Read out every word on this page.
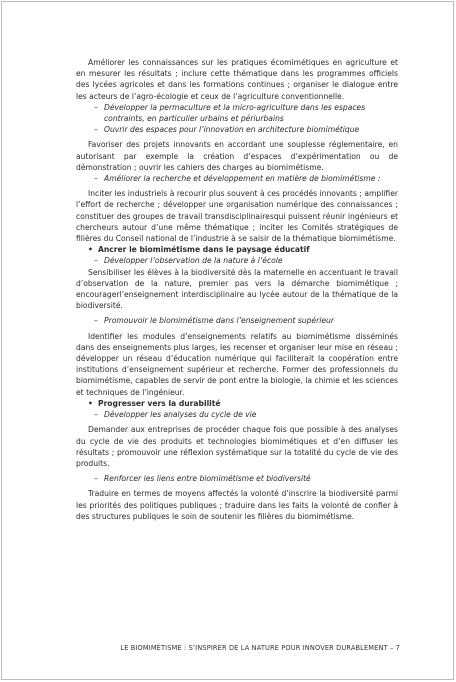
Améliorer les connaissances sur les pratiques écomimétiques en agriculture et en mesurer les résultats ; inclure cette thématique dans les programmes officiels des lycées agricoles et dans les formations continues ; organiser le dialogue entre les acteurs de l’agro-écologie et ceux de l’agriculture conventionnelle.

– Développer la permaculture et la micro-agriculture dans les espaces contraints, en particulier urbains et périurbains

– Ouvrir des espaces pour l’innovation en architecture biomimétique

Favoriser des projets innovants en accordant une souplesse réglementaire, en autorisant par exemple la création d’espaces d’expérimentation ou de démonstration ; ouvrir les cahiers des charges au biomimétisme.

– Améliorer la recherche et développement en matière de biomimétisme :

Inciter les industriels à recourir plus souvent à ces procédés innovants ; amplifier l’effort de recherche ; développer une organisation numérique des connaissances ; constituer des groupes de travail transdisciplinairesqui puissent réunir ingénieurs et chercheurs autour d’une même thématique ; inciter les Comités stratégiques de filières du Conseil national de l’industrie à se saisir de la thématique biomimétisme.

• Ancrer le biomimétisme dans le paysage éducatif

– Développer l’observation de la nature à l’école

Sensibiliser les élèves à la biodiversité dès la maternelle en accentuant le travail d’observation de la nature, premier pas vers la démarche biomimétique ; encouragerl’enseignement interdisciplinaire au lycée autour de la thématique de la biodiversité.

– Promouvoir le biomimétisme dans l’enseignement supérieur

Identifier les modules d’enseignements relatifs au biomimétisme disséminés dans des enseignements plus larges, les recenser et organiser leur mise en réseau ; développer un réseau d’éducation numérique qui faciliterait la coopération entre institutions d’enseignement supérieur et recherche. Former des professionnels du biomimétisme, capables de servir de pont entre la biologie, la chimie et les sciences et techniques de l’ingénieur.

• Progresser vers la durabilité

– Développer les analyses du cycle de vie

Demander aux entreprises de procéder chaque fois que possible à des analyses du cycle de vie des produits et technologies biomimétiques et d’en diffuser les résultats ; promouvoir une réflexion systématique sur la totalité du cycle de vie des produits.

– Renforcer les liens entre biomimétisme et biodiversité

Traduire en termes de moyens affectés la volonté d’inscrire la biodiversité parmi les priorités des politiques publiques ; traduire dans les faits la volonté de confier à des structures publiques le soin de soutenir les filières du biomimétisme.

LE BIOMIMÉTISME : S’INSPIRER DE LA NATURE POUR INNOVER DURABLEMENT – 7
